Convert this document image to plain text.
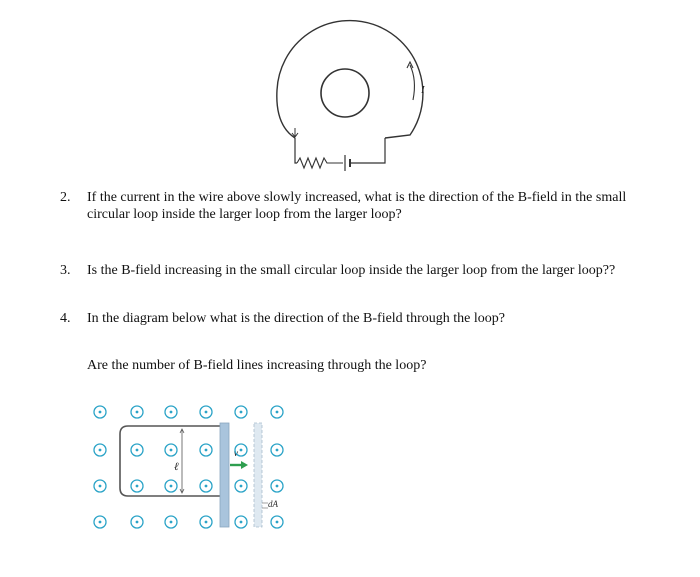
I
2.	If the current in the wire above slowly increased, what is the direction of the B-field in the small circular loop inside the larger loop from the larger loop?
3.	Is the B-field increasing in the small circular loop inside the larger loop from the larger loop??
4.	In the diagram below what is the direction of the B-field through the loop?
Are the number of B-field lines increasing through the loop?
ℓ
v
dA
